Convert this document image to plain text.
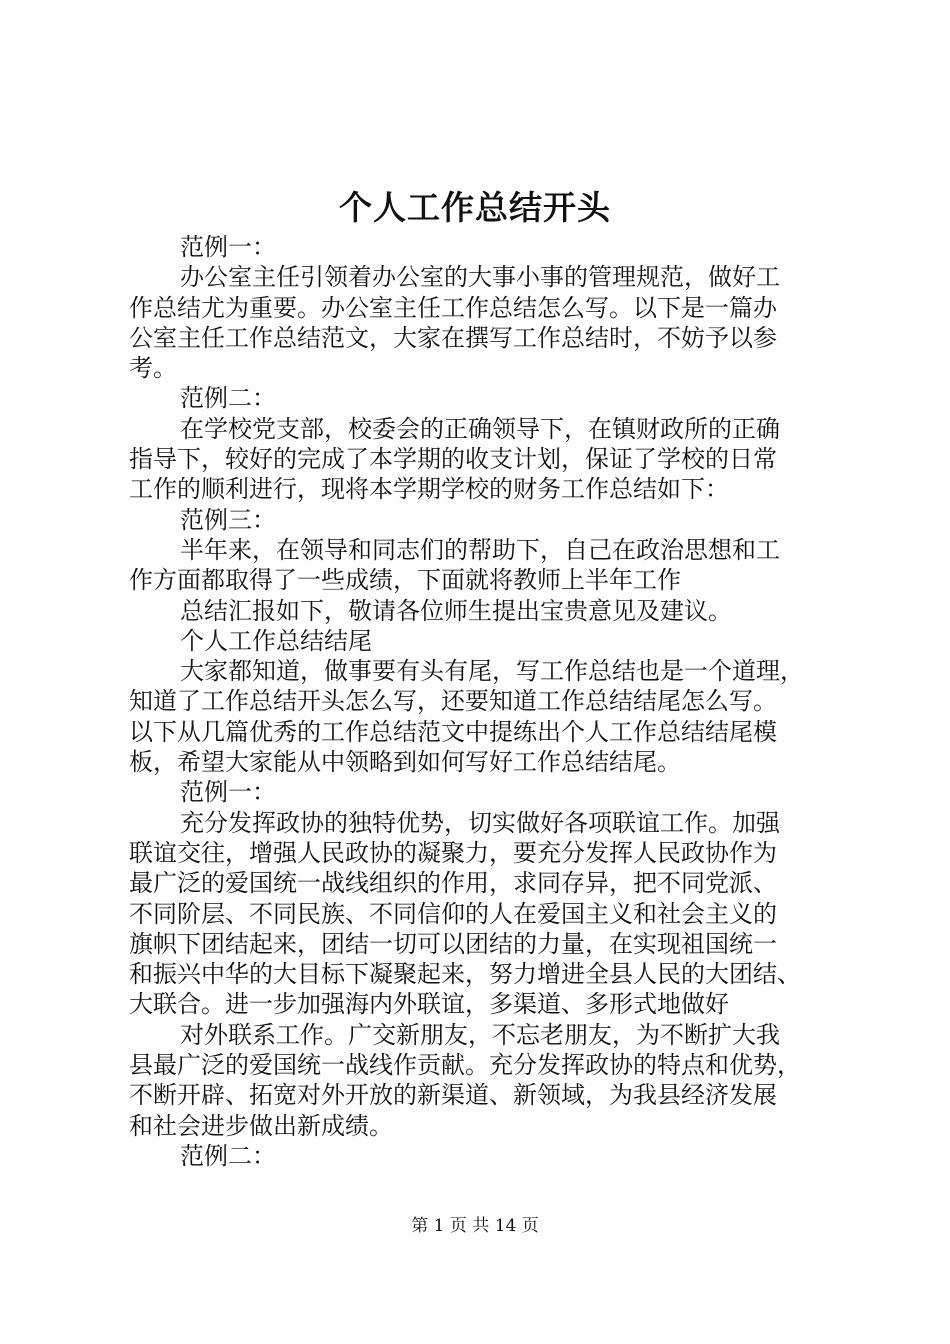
个人工作总结开头

范例一：

办公室主任引领着办公室的大事小事的管理规范，做好工

作总结尤为重要。办公室主任工作总结怎么写。以下是一篇办

公室主任工作总结范文，大家在撰写工作总结时，不妨予以参

考。

范例二：

在学校党支部，校委会的正确领导下，在镇财政所的正确

指导下，较好的完成了本学期的收支计划，保证了学校的日常

工作的顺利进行，现将本学期学校的财务工作总结如下：

范例三：

半年来，在领导和同志们的帮助下，自己在政治思想和工

作方面都取得了一些成绩，下面就将教师上半年工作

总结汇报如下，敬请各位师生提出宝贵意见及建议。

个人工作总结结尾

大家都知道，做事要有头有尾，写工作总结也是一个道理，

知道了工作总结开头怎么写，还要知道工作总结结尾怎么写。

以下从几篇优秀的工作总结范文中提练出个人工作总结结尾模

板，希望大家能从中领略到如何写好工作总结结尾。

范例一：

充分发挥政协的独特优势，切实做好各项联谊工作。加强

联谊交往，增强人民政协的凝聚力，要充分发挥人民政协作为

最广泛的爱国统一战线组织的作用，求同存异，把不同党派、

不同阶层、不同民族、不同信仰的人在爱国主义和社会主义的

旗帜下团结起来，团结一切可以团结的力量，在实现祖国统一

和振兴中华的大目标下凝聚起来，努力增进全县人民的大团结、

大联合。进一步加强海内外联谊，多渠道、多形式地做好

对外联系工作。广交新朋友，不忘老朋友，为不断扩大我

县最广泛的爱国统一战线作贡献。充分发挥政协的特点和优势，

不断开辟、拓宽对外开放的新渠道、新领域，为我县经济发展

和社会进步做出新成绩。

范例二：

第 1 页 共 14 页
